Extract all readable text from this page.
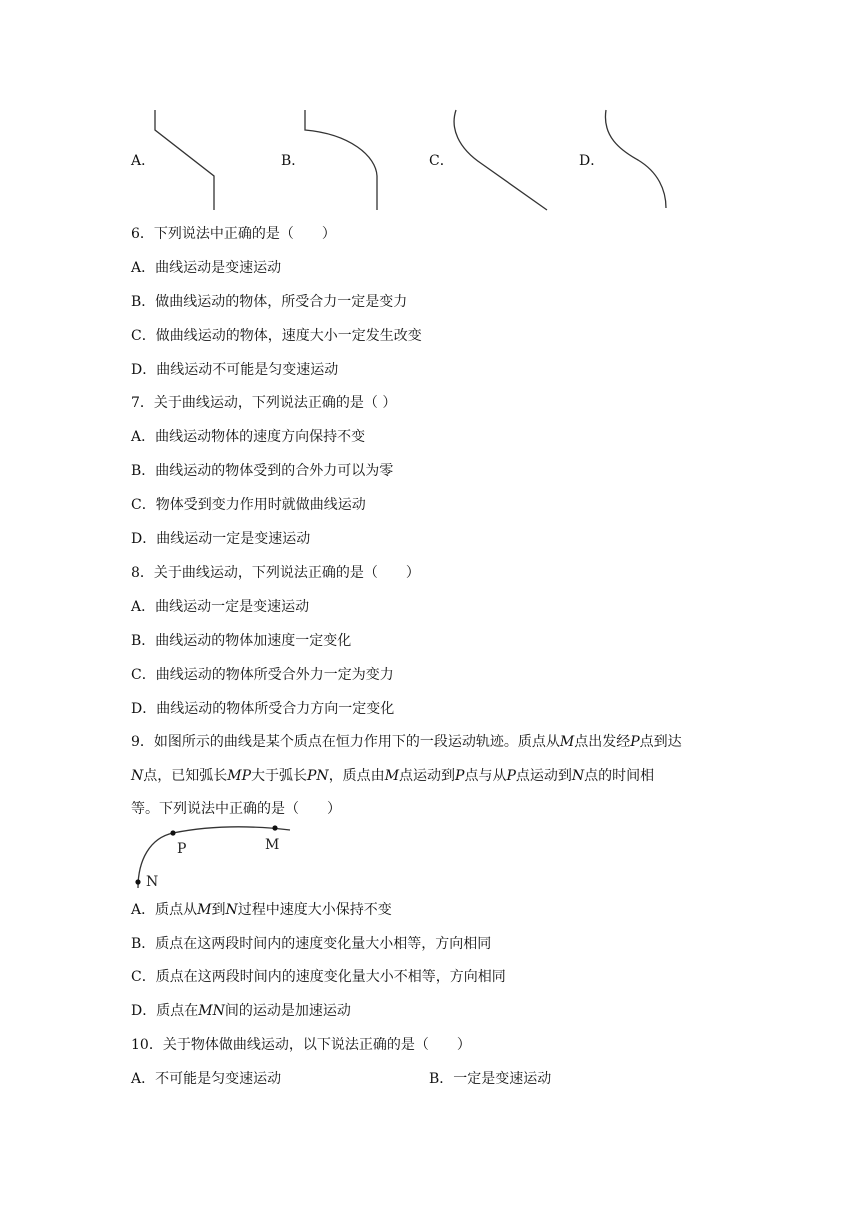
A．	B．	C．	D．
6．下列说法中正确的是（　　）
A．曲线运动是变速运动
B．做曲线运动的物体，所受合力一定是变力
C．做曲线运动的物体，速度大小一定发生改变
D．曲线运动不可能是匀变速运动
7．关于曲线运动，下列说法正确的是（ ）
A．曲线运动物体的速度方向保持不变
B．曲线运动的物体受到的合外力可以为零
C．物体受到变力作用时就做曲线运动
D．曲线运动一定是变速运动
8．关于曲线运动，下列说法正确的是（　　）
A．曲线运动一定是变速运动
B．曲线运动的物体加速度一定变化
C．曲线运动的物体所受合外力一定为变力
D．曲线运动的物体所受合力方向一定变化
9．如图所示的曲线是某个质点在恒力作用下的一段运动轨迹。质点从M点出发经P点到达
N点，已知弧长MP大于弧长PN，质点由M点运动到P点与从P点运动到N点的时间相
等。下列说法中正确的是（　　）
P	M
N
A．质点从M到N过程中速度大小保持不变
B．质点在这两段时间内的速度变化量大小相等，方向相同
C．质点在这两段时间内的速度变化量大小不相等，方向相同
D．质点在MN间的运动是加速运动
10．关于物体做曲线运动，以下说法正确的是（　　）
A．不可能是匀变速运动	B．一定是变速运动
